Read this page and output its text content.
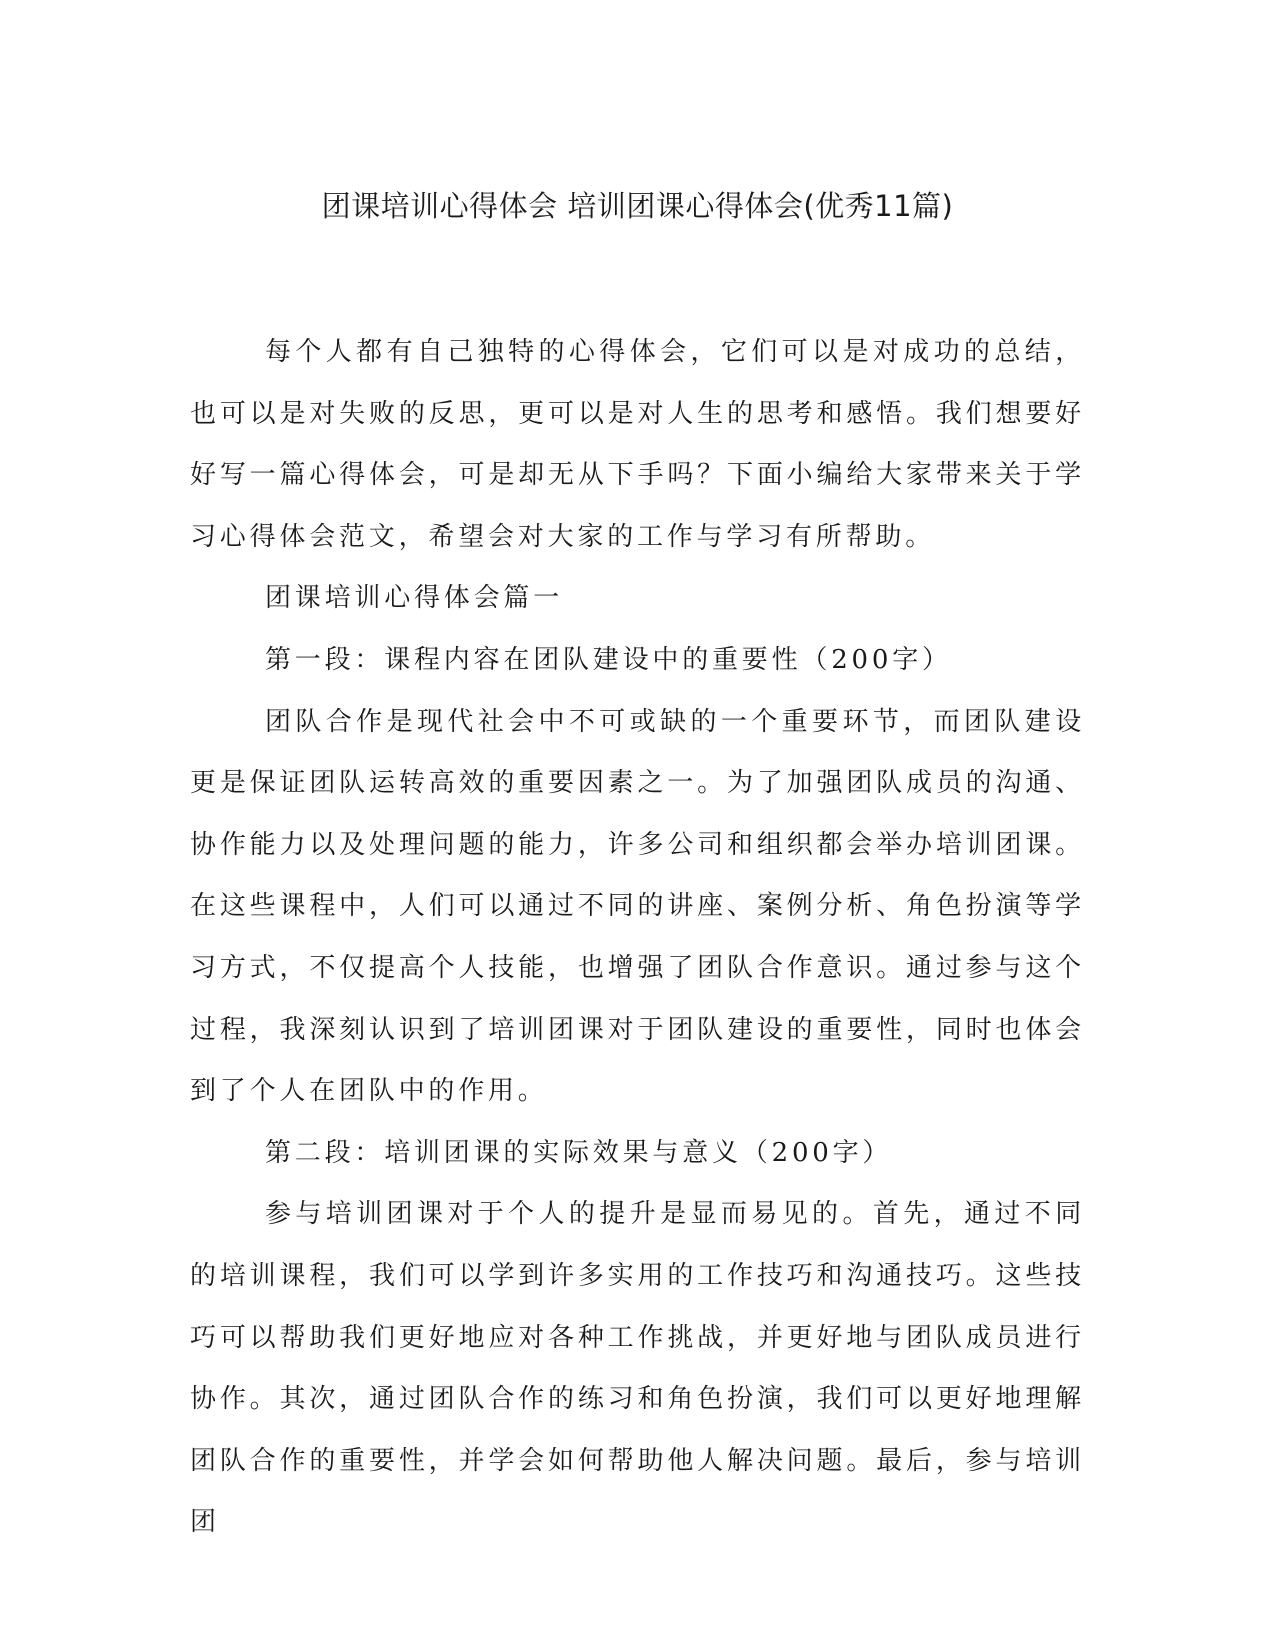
团课培训心得体会 培训团课心得体会(优秀11篇)

每个人都有自己独特的心得体会，它们可以是对成功的总结，也可以是对失败的反思，更可以是对人生的思考和感悟。我们想要好好写一篇心得体会，可是却无从下手吗？下面小编给大家带来关于学习心得体会范文，希望会对大家的工作与学习有所帮助。

团课培训心得体会篇一

第一段：课程内容在团队建设中的重要性（200字）

团队合作是现代社会中不可或缺的一个重要环节，而团队建设更是保证团队运转高效的重要因素之一。为了加强团队成员的沟通、协作能力以及处理问题的能力，许多公司和组织都会举办培训团课。在这些课程中，人们可以通过不同的讲座、案例分析、角色扮演等学习方式，不仅提高个人技能，也增强了团队合作意识。通过参与这个过程，我深刻认识到了培训团课对于团队建设的重要性，同时也体会到了个人在团队中的作用。

第二段：培训团课的实际效果与意义（200字）

参与培训团课对于个人的提升是显而易见的。首先，通过不同的培训课程，我们可以学到许多实用的工作技巧和沟通技巧。这些技巧可以帮助我们更好地应对各种工作挑战，并更好地与团队成员进行协作。其次，通过团队合作的练习和角色扮演，我们可以更好地理解团队合作的重要性，并学会如何帮助他人解决问题。最后，参与培训团
